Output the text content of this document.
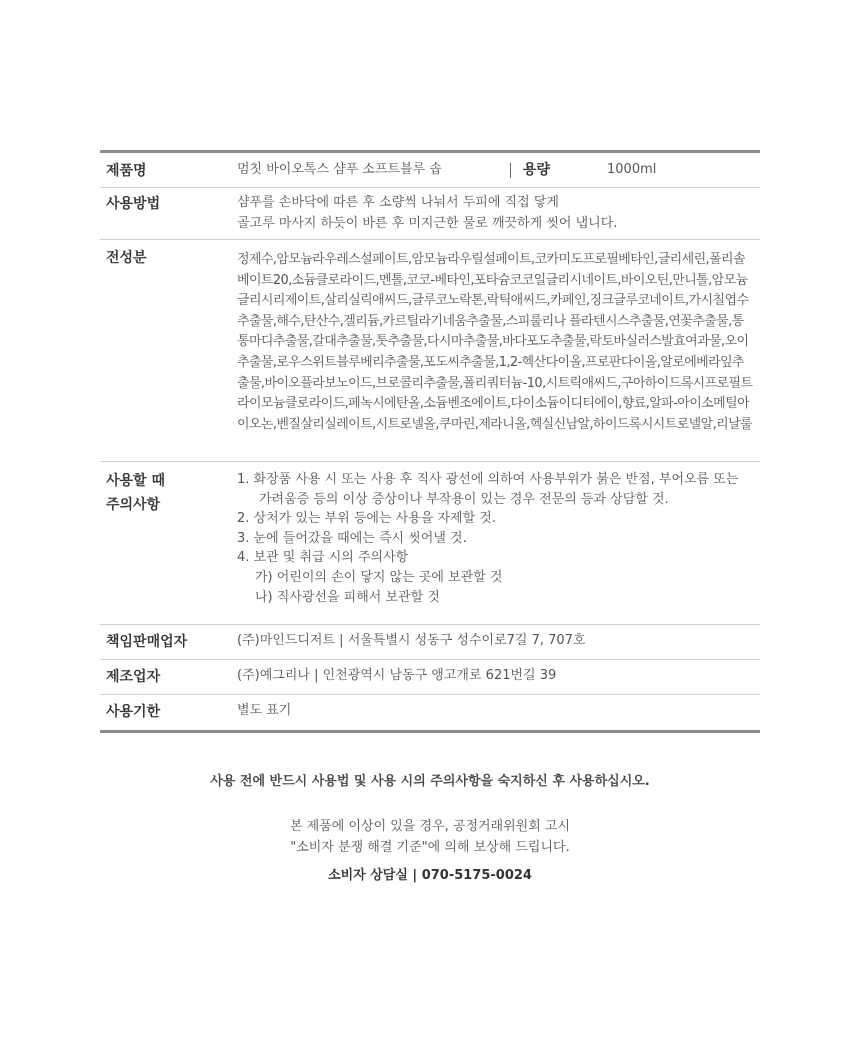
제품명	멈칫 바이오톡스 샴푸 소프트블루 솝	용량	1000ml
사용방법	샴푸를 손바닥에 따른 후 소량씩 나눠서 두피에 직접 닿게
골고루 마사지 하듯이 바른 후 미지근한 물로 깨끗하게 씻어 냅니다.
전성분	정제수,암모늄라우레스설페이트,암모늄라우릴설페이트,코카미도프로필베타인,글리세린,폴리솔베이트20,소듐클로라이드,멘톨,코코-베타인,포타슘코코일글리시네이트,바이오틴,만니톨,암모늄글리시리제이트,살리실릭애씨드,글루코노락톤,락틱애씨드,카페인,징크글루코네이트,가시칠엽수추출물,해수,탄산수,겔리듐,카르틸라기네움추출물,스피룰리나 플라텐시스추출물,연꽃추출물,통통마디추출물,갈대추출물,톳추출물,다시마추출물,바다포도추출물,락토바실러스발효여과물,오이추출물,로우스위트블루베리추출물,포도씨추출물,1,2-헥산다이올,프로판다이올,알로에베라잎추출물,바이오플라보노이드,브로콜리추출물,폴리쿼터늄-10,시트릭애씨드,구아하이드록시프로필트라이모늄클로라이드,페녹시에탄올,소듐벤조에이트,다이소듐이디티에이,향료,알파-아이소메틸아이오논,벤질살리실레이트,시트로넬올,쿠마린,제라니올,헥실신남알,하이드록시시트로넬알,리날룰
사용할 때
주의사항
1. 화장품 사용 시 또는 사용 후 직사 광선에 의하여 사용부위가 붉은 반점, 부어오름 또는
가려움증 등의 이상 증상이나 부작용이 있는 경우 전문의 등과 상담할 것.
2. 상처가 있는 부위 등에는 사용을 자제할 것.
3. 눈에 들어갔을 때에는 즉시 씻어낼 것.
4. 보관 및 취급 시의 주의사항
가) 어린이의 손이 닿지 않는 곳에 보관할 것
나) 직사광선을 피해서 보관할 것
책임판매업자	(주)마인드디저트 | 서울특별시 성동구 성수이로7길 7, 707호
제조업자	(주)예그리나 | 인천광역시 남동구 앵고개로 621번길 39
사용기한	별도 표기
사용 전에 반드시 사용법 및 사용 시의 주의사항을 숙지하신 후 사용하십시오.
본 제품에 이상이 있을 경우, 공정거래위원회 고시
"소비자 분쟁 해결 기준"에 의해 보상해 드립니다.
소비자 상담실 | 070-5175-0024
